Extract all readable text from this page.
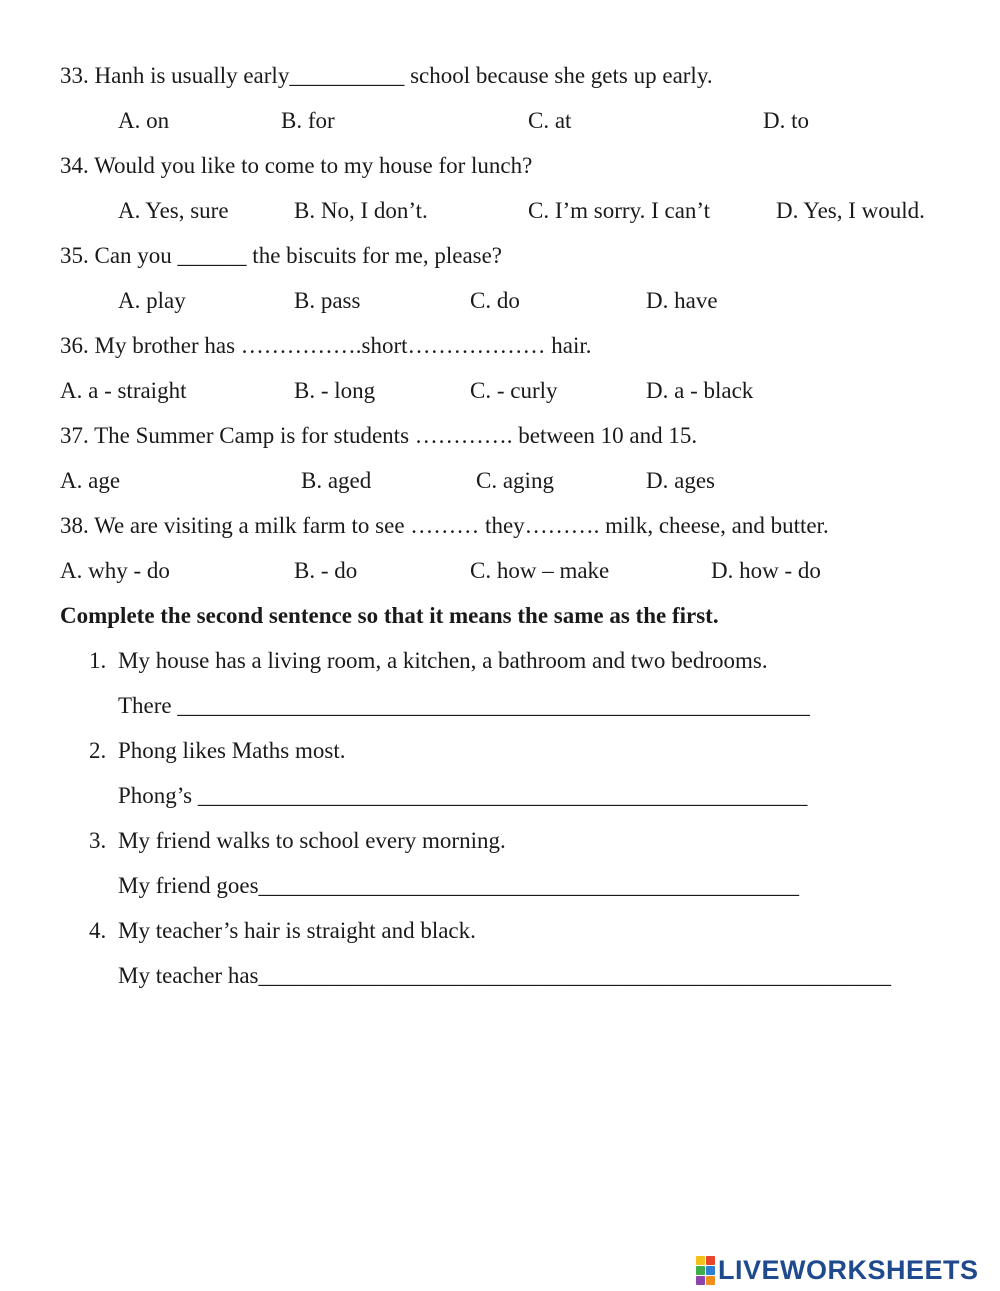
33. Hanh is usually early__________ school because she gets up early.
A. on	B. for	C. at	D. to
34. Would you like to come to my house for lunch?
A. Yes, sure	B. No, I don’t.	C. I’m sorry. I can’t	D. Yes, I would.
35. Can you ______ the biscuits for me, please?
A. play	B. pass	C. do	D. have
36. My brother has …………….short……………… hair.
A. a - straight	B. - long	C. - curly	D. a - black
37. The Summer Camp is for students …………. between 10 and 15.
A. age	B. aged	C. aging	D. ages
38. We are visiting a milk farm to see ……… they………. milk, cheese, and butter.
A. why - do	B. - do	C. how – make	D. how - do
Complete the second sentence so that it means the same as the first.
1. My house has a living room, a kitchen, a bathroom and two bedrooms.
There _______________________________________________________
2. Phong likes Maths most.
Phong’s _____________________________________________________
3. My friend walks to school every morning.
My friend goes_______________________________________________
4. My teacher’s hair is straight and black.
My teacher has_______________________________________________________
LIVEWORKSHEETS
